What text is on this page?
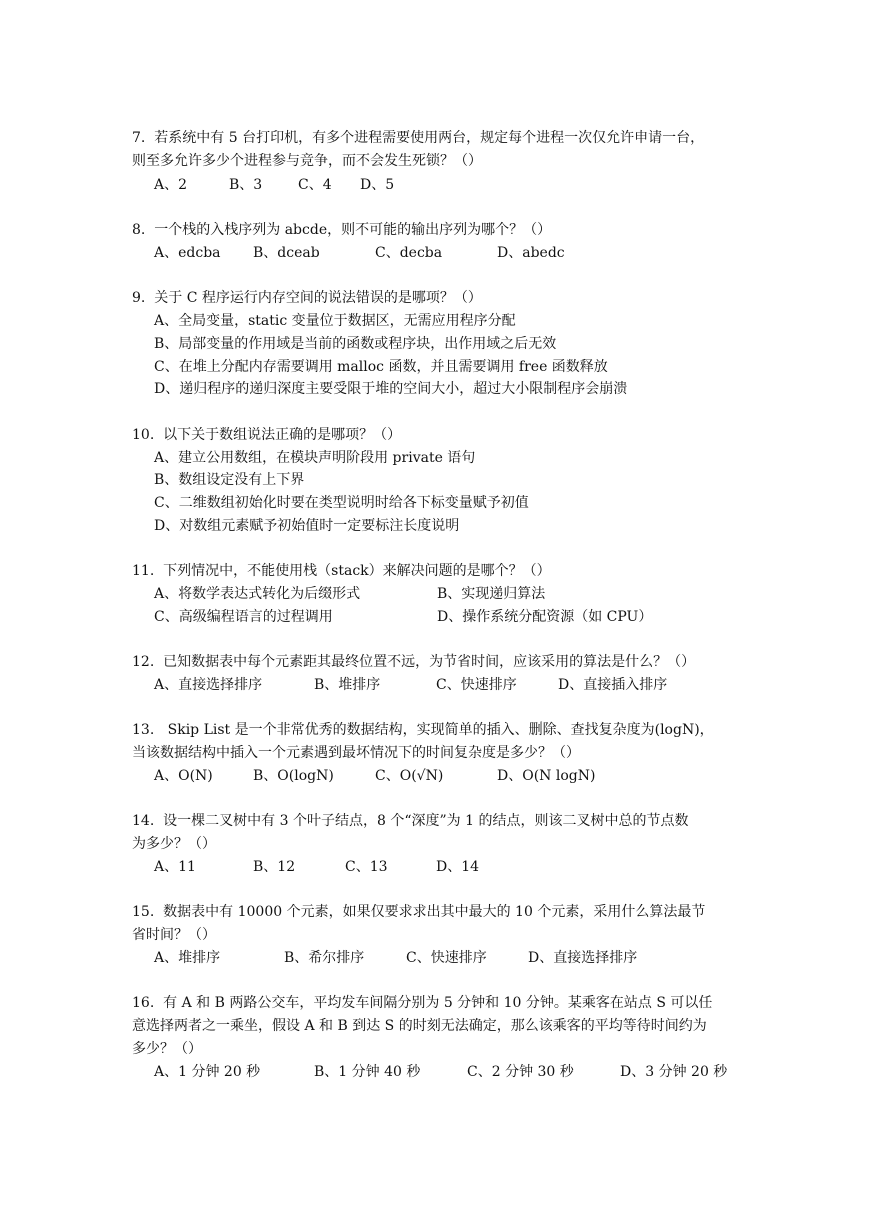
7.  若系统中有 5 台打印机，有多个进程需要使用两台，规定每个进程一次仅允许申请一台，
则至多允许多少个进程参与竞争，而不会发生死锁？（）
A、2	B、3	C、4 D、5
8.  一个栈的入栈序列为 abcde，则不可能的输出序列为哪个？（）
A、edcba B、dceab	C、decba	D、abedc
9.  关于 C 程序运行内存空间的说法错误的是哪项？（）
A、全局变量，static 变量位于数据区，无需应用程序分配
B、局部变量的作用域是当前的函数或程序块，出作用域之后无效
C、在堆上分配内存需要调用 malloc 函数，并且需要调用 free 函数释放
D、递归程序的递归深度主要受限于堆的空间大小，超过大小限制程序会崩溃
10.  以下关于数组说法正确的是哪项？（）
A、建立公用数组，在模块声明阶段用 private 语句
B、数组设定没有上下界
C、二维数组初始化时要在类型说明时给各下标变量赋予初值
D、对数组元素赋予初始值时一定要标注长度说明
11.  下列情况中，不能使用栈（stack）来解决问题的是哪个？（）
A、将数学表达式转化为后缀形式	B、实现递归算法
C、高级编程语言的过程调用	D、操作系统分配资源（如 CPU）
12.  已知数据表中每个元素距其最终位置不远，为节省时间，应该采用的算法是什么？（）
A、直接选择排序	B、堆排序	C、快速排序	D、直接插入排序
13.   Skip List 是一个非常优秀的数据结构，实现简单的插入、删除、查找复杂度为(logN)，
当该数据结构中插入一个元素遇到最坏情况下的时间复杂度是多少？（）
A、O(N)	B、O(logN)	C、O(√N)	D、O(N logN)
14.  设一棵二叉树中有 3 个叶子结点，8 个“深度”为 1 的结点，则该二叉树中总的节点数
为多少？（）
A、11	B、12	C、13	D、14
15.  数据表中有 10000 个元素，如果仅要求求出其中最大的 10 个元素，采用什么算法最节
省时间？（）
A、堆排序	B、希尔排序	C、快速排序	D、直接选择排序
16.  有 A 和 B 两路公交车，平均发车间隔分别为 5 分钟和 10 分钟。某乘客在站点 S 可以任
意选择两者之一乘坐，假设 A 和 B 到达 S 的时刻无法确定，那么该乘客的平均等待时间约为
多少？（）
A、1 分钟 20 秒	B、1 分钟 40 秒	C、2 分钟 30 秒	D、3 分钟 20 秒
